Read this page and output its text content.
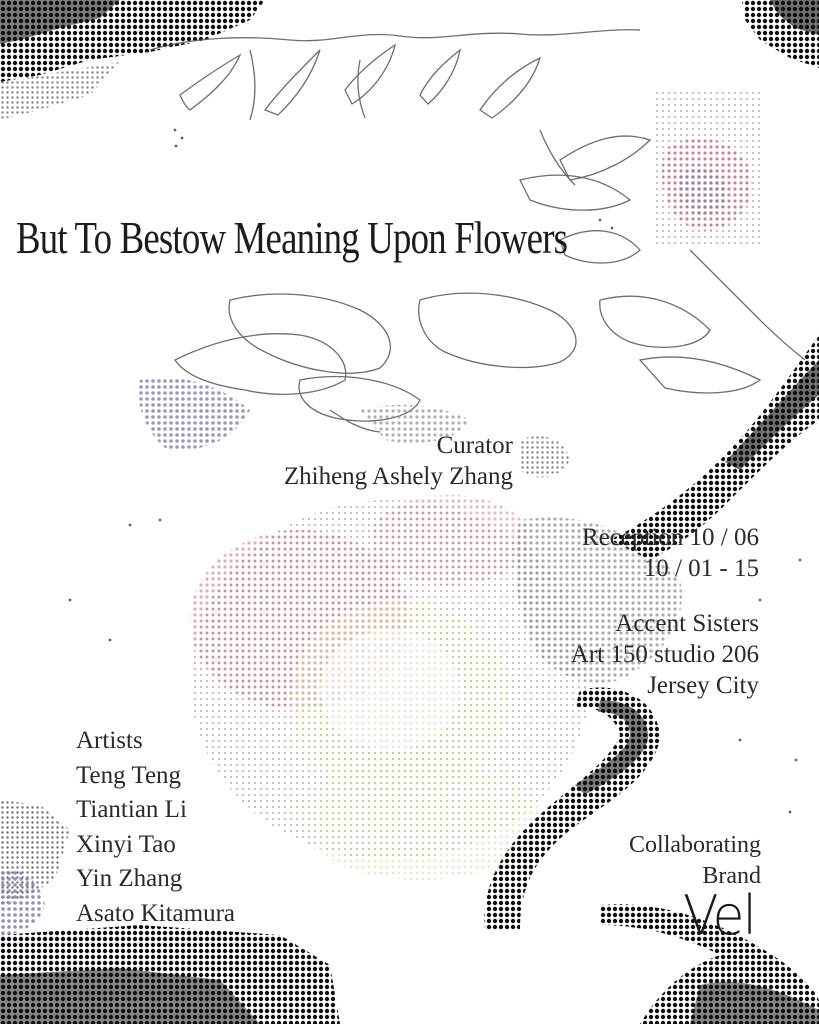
But To Bestow Meaning Upon Flowers
Curator
Zhiheng Ashely Zhang
Reception 10 / 06
10 / 01 - 15
Accent Sisters
Art 150 studio 206
Jersey City
Artists
Teng Teng
Tiantian Li
Xinyi Tao
Yin Zhang
Asato Kitamura
Collaborating
Brand
Vel
